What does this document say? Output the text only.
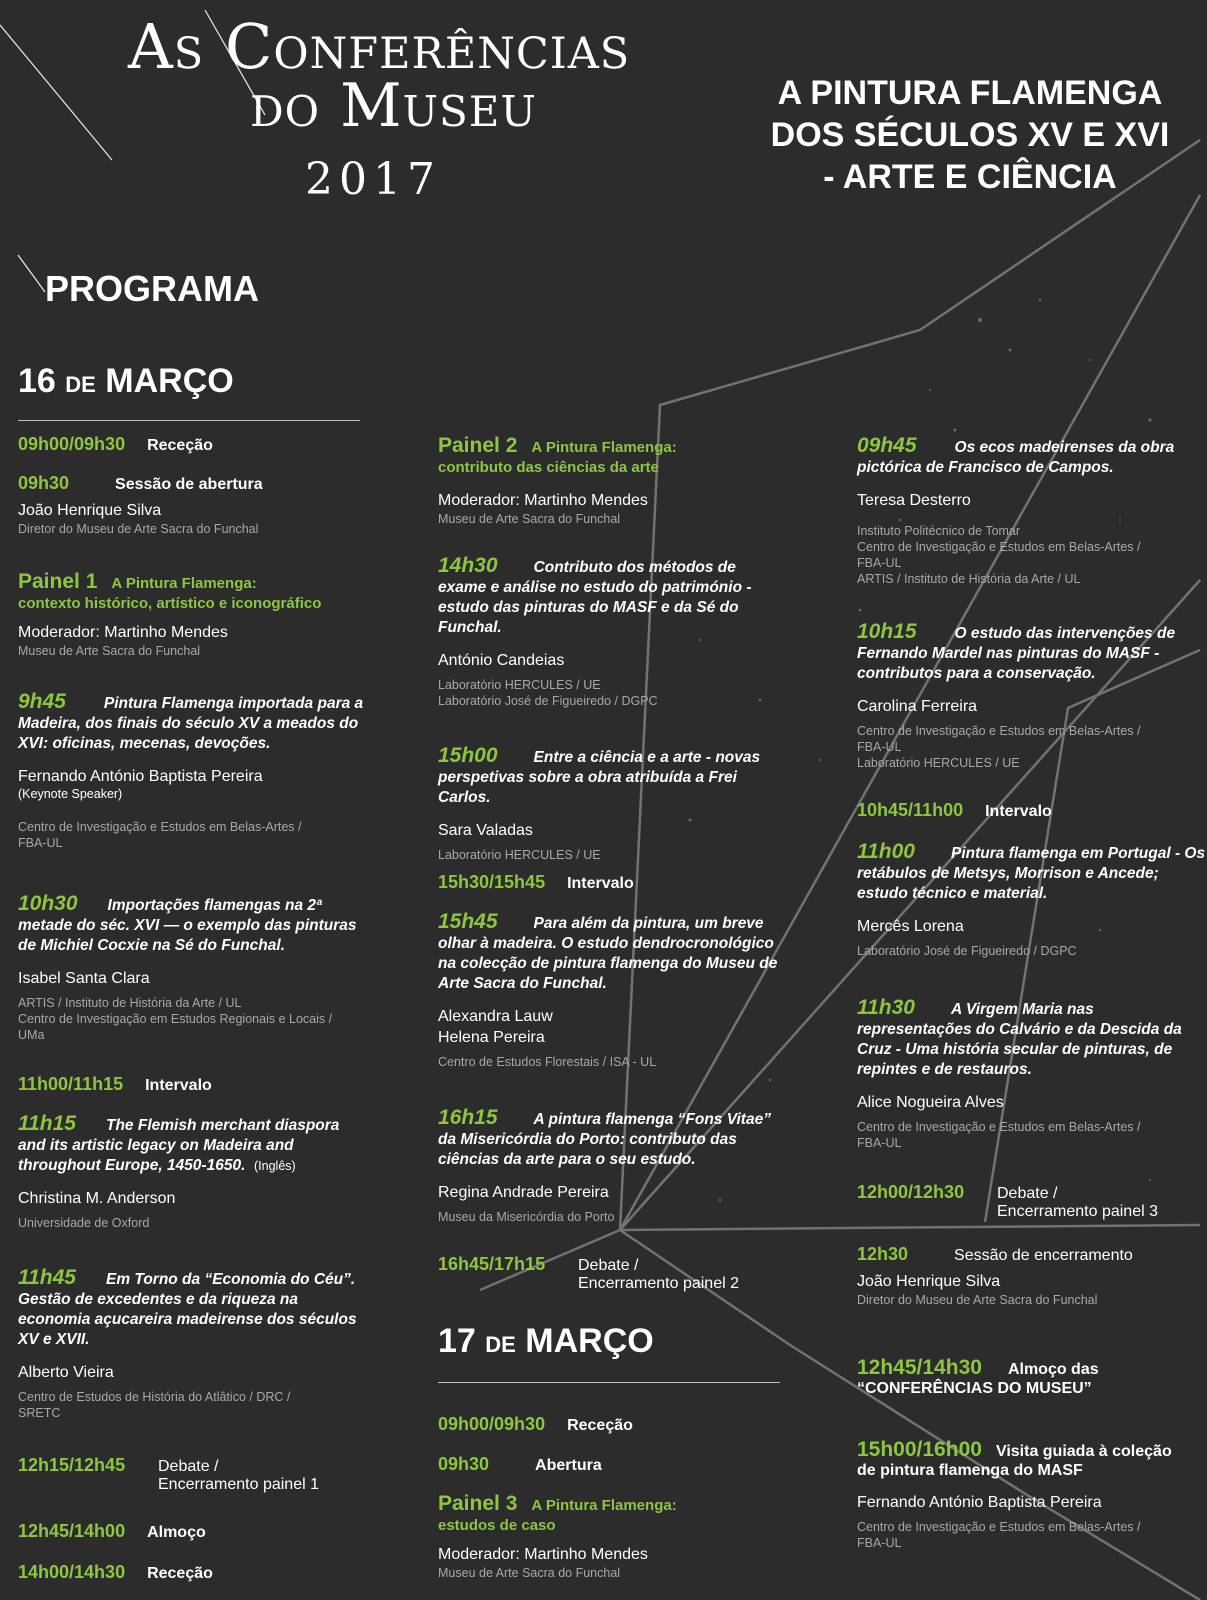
As Conferências
do Museu
2017
A PINTURA FLAMENGA
DOS SÉCULOS XV E XVI
- ARTE E CIÊNCIA
PROGRAMA
16 DE MARÇO
09h00/09h30 Receção
09h30	Sessão de abertura
João Henrique Silva
Diretor do Museu de Arte Sacra do Funchal
Painel 1 A Pintura Flamenga:
contexto histórico, artístico e iconográfico
Moderador: Martinho Mendes
Museu de Arte Sacra do Funchal
9h45 Pintura Flamenga importada para a Madeira, dos finais do século XV a meados do XVI: oficinas, mecenas, devoções.
Fernando António Baptista Pereira
(Keynote Speaker)
Centro de Investigação e Estudos em Belas-Artes /
FBA-UL
10h30 Importações flamengas na 2ª metade do séc. XVI — o exemplo das pinturas de Michiel Cocxie na Sé do Funchal.
Isabel Santa Clara
ARTIS / Instituto de História da Arte / UL
Centro de Investigação em Estudos Regionais e Locais /
UMa
11h00/11h15 Intervalo
11h15 The Flemish merchant diaspora and its artistic legacy on Madeira and throughout Europe, 1450-1650. (Inglês)
Christina M. Anderson
Universidade de Oxford
11h45 Em Torno da “Economia do Céu”. Gestão de excedentes e da riqueza na economia açucareira madeirense dos séculos XV e XVII.
Alberto Vieira
Centro de Estudos de História do Atlâtico / DRC /
SRETC
12h15/12h45	Debate /
Encerramento painel 1
12h45/14h00 Almoço
14h00/14h30 Receção
Painel 2 A Pintura Flamenga:
contributo das ciências da arte
Moderador: Martinho Mendes
Museu de Arte Sacra do Funchal
14h30 Contributo dos métodos de exame e análise no estudo do património - estudo das pinturas do MASF e da Sé do Funchal.
António Candeias
Laboratório HERCULES / UE
Laboratório José de Figueiredo / DGPC
15h00 Entre a ciência e a arte - novas perspetivas sobre a obra atribuída a Frei Carlos.
Sara Valadas
Laboratório HERCULES / UE
15h30/15h45 Intervalo
15h45 Para além da pintura, um breve olhar à madeira. O estudo dendrocronológico na colecção de pintura flamenga do Museu de Arte Sacra do Funchal.
Alexandra Lauw
Helena Pereira
Centro de Estudos Florestais / ISA - UL
16h15 A pintura flamenga “Fons Vitae” da Misericórdia do Porto: contributo das ciências da arte para o seu estudo.
Regina Andrade Pereira
Museu da Misericórdia do Porto
16h45/17h15	Debate /
Encerramento painel 2
17 DE MARÇO
09h00/09h30 Receção
09h30	Abertura
Painel 3 A Pintura Flamenga:
estudos de caso
Moderador: Martinho Mendes
Museu de Arte Sacra do Funchal
09h45 Os ecos madeirenses da obra pictórica de Francisco de Campos.
Teresa Desterro
Instituto Politécnico de Tomar
Centro de Investigação e Estudos em Belas-Artes /
FBA-UL
ARTIS / Instituto de História da Arte / UL
10h15 O estudo das intervenções de Fernando Mardel nas pinturas do MASF - contributos para a conservação.
Carolina Ferreira
Centro de Investigação e Estudos em Belas-Artes /
FBA-UL
Laboratório HERCULES / UE
10h45/11h00 Intervalo
11h00 Pintura flamenga em Portugal - Os retábulos de Metsys, Morrison e Ancede; estudo técnico e material.
Mercês Lorena
Laboratório José de Figueiredo / DGPC
11h30 A Virgem Maria nas representações do Calvário e da Descida da Cruz - Uma história secular de pinturas, de repintes e de restauros.
Alice Nogueira Alves
Centro de Investigação e Estudos em Belas-Artes /
FBA-UL
12h00/12h30	Debate /
Encerramento painel 3
12h30	Sessão de encerramento
João Henrique Silva
Diretor do Museu de Arte Sacra do Funchal
12h45/14h30 Almoço das
“CONFERÊNCIAS DO MUSEU”
15h00/16h00 Visita guiada à coleção
de pintura flamenga do MASF
Fernando António Baptista Pereira
Centro de Investigação e Estudos em Belas-Artes /
FBA-UL
